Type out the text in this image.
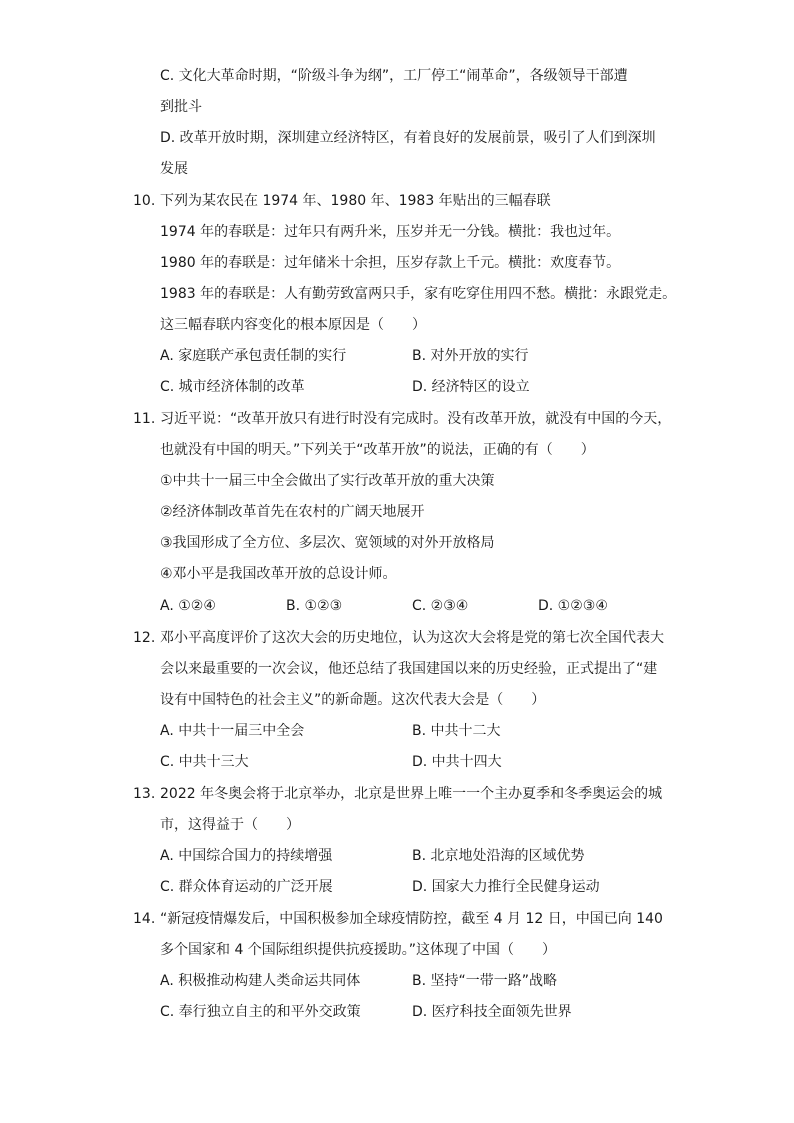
C. 文化大革命时期，“阶级斗争为纲”，工厂停工“闹革命”，各级领导干部遭
到批斗
D. 改革开放时期，深圳建立经济特区，有着良好的发展前景，吸引了人们到深圳
发展
10. 下列为某农民在 1974 年、1980 年、1983 年贴出的三幅春联
1974 年的春联是：过年只有两升米，压岁并无一分钱。横批：我也过年。
1980 年的春联是：过年储米十余担，压岁存款上千元。横批：欢度春节。
1983 年的春联是：人有勤劳致富两只手，家有吃穿住用四不愁。横批：永跟党走。
这三幅春联内容变化的根本原因是（　　）
A. 家庭联产承包责任制的实行	B. 对外开放的实行
C. 城市经济体制的改革	D. 经济特区的设立
11. 习近平说：“改革开放只有进行时没有完成时。没有改革开放，就没有中国的今天，
也就没有中国的明天。”下列关于“改革开放”的说法，正确的有（　　）
①中共十一届三中全会做出了实行改革开放的重大决策
②经济体制改革首先在农村的广阔天地展开
③我国形成了全方位、多层次、宽领域的对外开放格局
④邓小平是我国改革开放的总设计师。
A. ①②④	B. ①②③	C. ②③④	D. ①②③④
12. 邓小平高度评价了这次大会的历史地位，认为这次大会将是党的第七次全国代表大
会以来最重要的一次会议，他还总结了我国建国以来的历史经验，正式提出了“建
设有中国特色的社会主义”的新命题。这次代表大会是（　　）
A. 中共十一届三中全会	B. 中共十二大
C. 中共十三大	D. 中共十四大
13. 2022 年冬奥会将于北京举办，北京是世界上唯一一个主办夏季和冬季奥运会的城
市，这得益于（　　）
A. 中国综合国力的持续增强	B. 北京地处沿海的区域优势
C. 群众体育运动的广泛开展	D. 国家大力推行全民健身运动
14. “新冠疫情爆发后，中国积极参加全球疫情防控，截至 4 月 12 日，中国已向 140
多个国家和 4 个国际组织提供抗疫援助。”这体现了中国（　　）
A. 积极推动构建人类命运共同体	B. 坚持“一带一路”战略
C. 奉行独立自主的和平外交政策	D. 医疗科技全面领先世界
